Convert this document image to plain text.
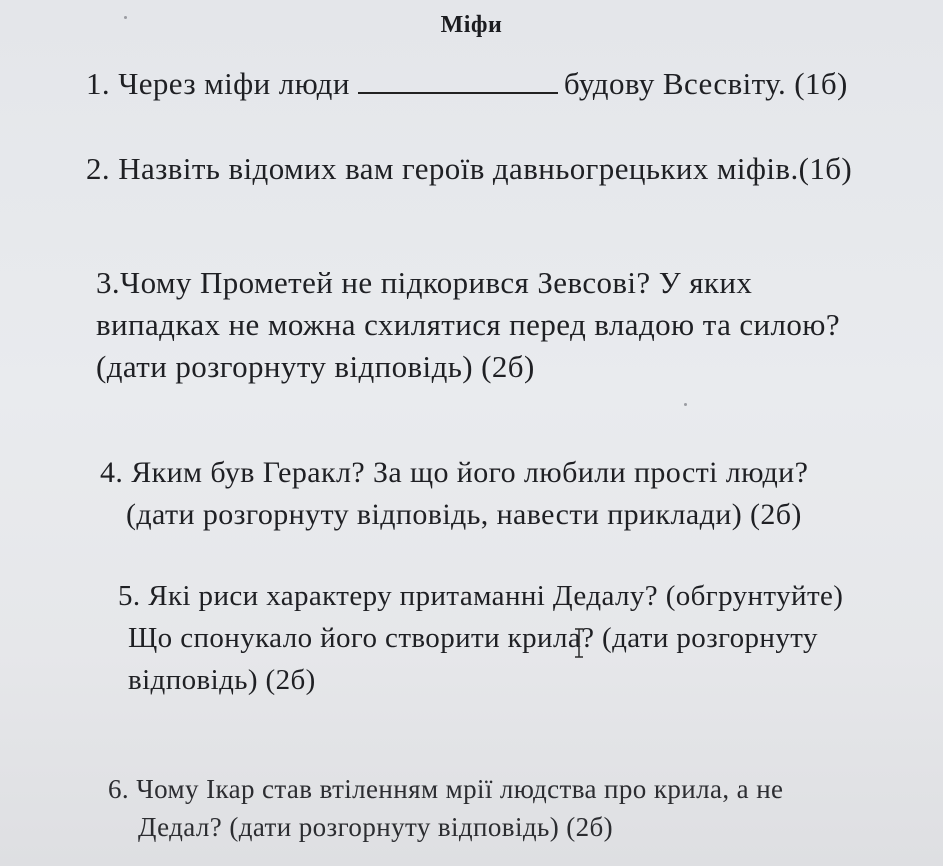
Міфи
1. Через міфи люди	будову Всесвіту. (1б)
2. Назвіть відомих вам героїв давньогрецьких міфів.(1б)
3.Чому Прометей не підкорився Зевсові? У яких
випадках не можна схилятися перед владою та силою?
(дати розгорнуту відповідь) (2б)
4. Яким був Геракл? За що його любили прості люди?
(дати розгорнуту відповідь, навести приклади) (2б)
5. Які риси характеру притаманні Дедалу? (обгрунтуйте)
Що спонукало його створити крила? (дати розгорнуту
відповідь) (2б)
6. Чому Ікар став втіленням мрії людства про крила, а не
Дедал? (дати розгорнуту відповідь) (2б)
